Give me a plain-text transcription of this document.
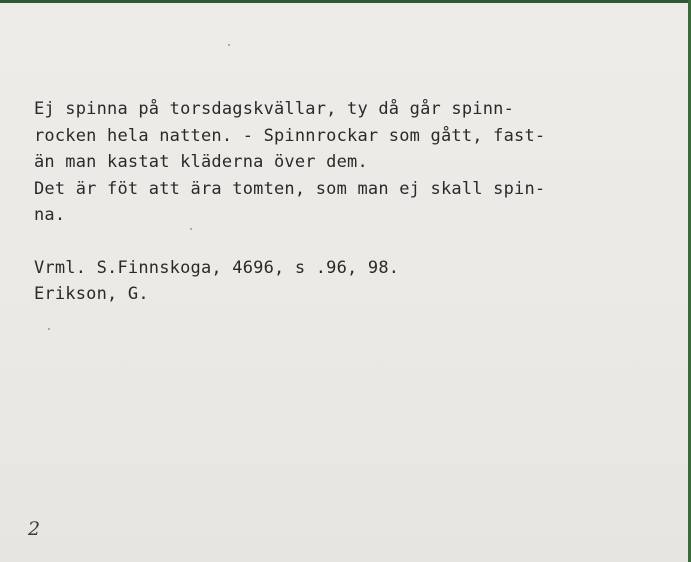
Ej spinna på torsdagskvällar, ty då går spinn-
rocken hela natten. - Spinnrockar som gått, fast-
än man kastat kläderna över dem.
Det är föt att ära tomten, som man ej skall spin-
na.
Vrml. S.Finnskoga, 4696, s .96, 98.
Erikson, G.
2
